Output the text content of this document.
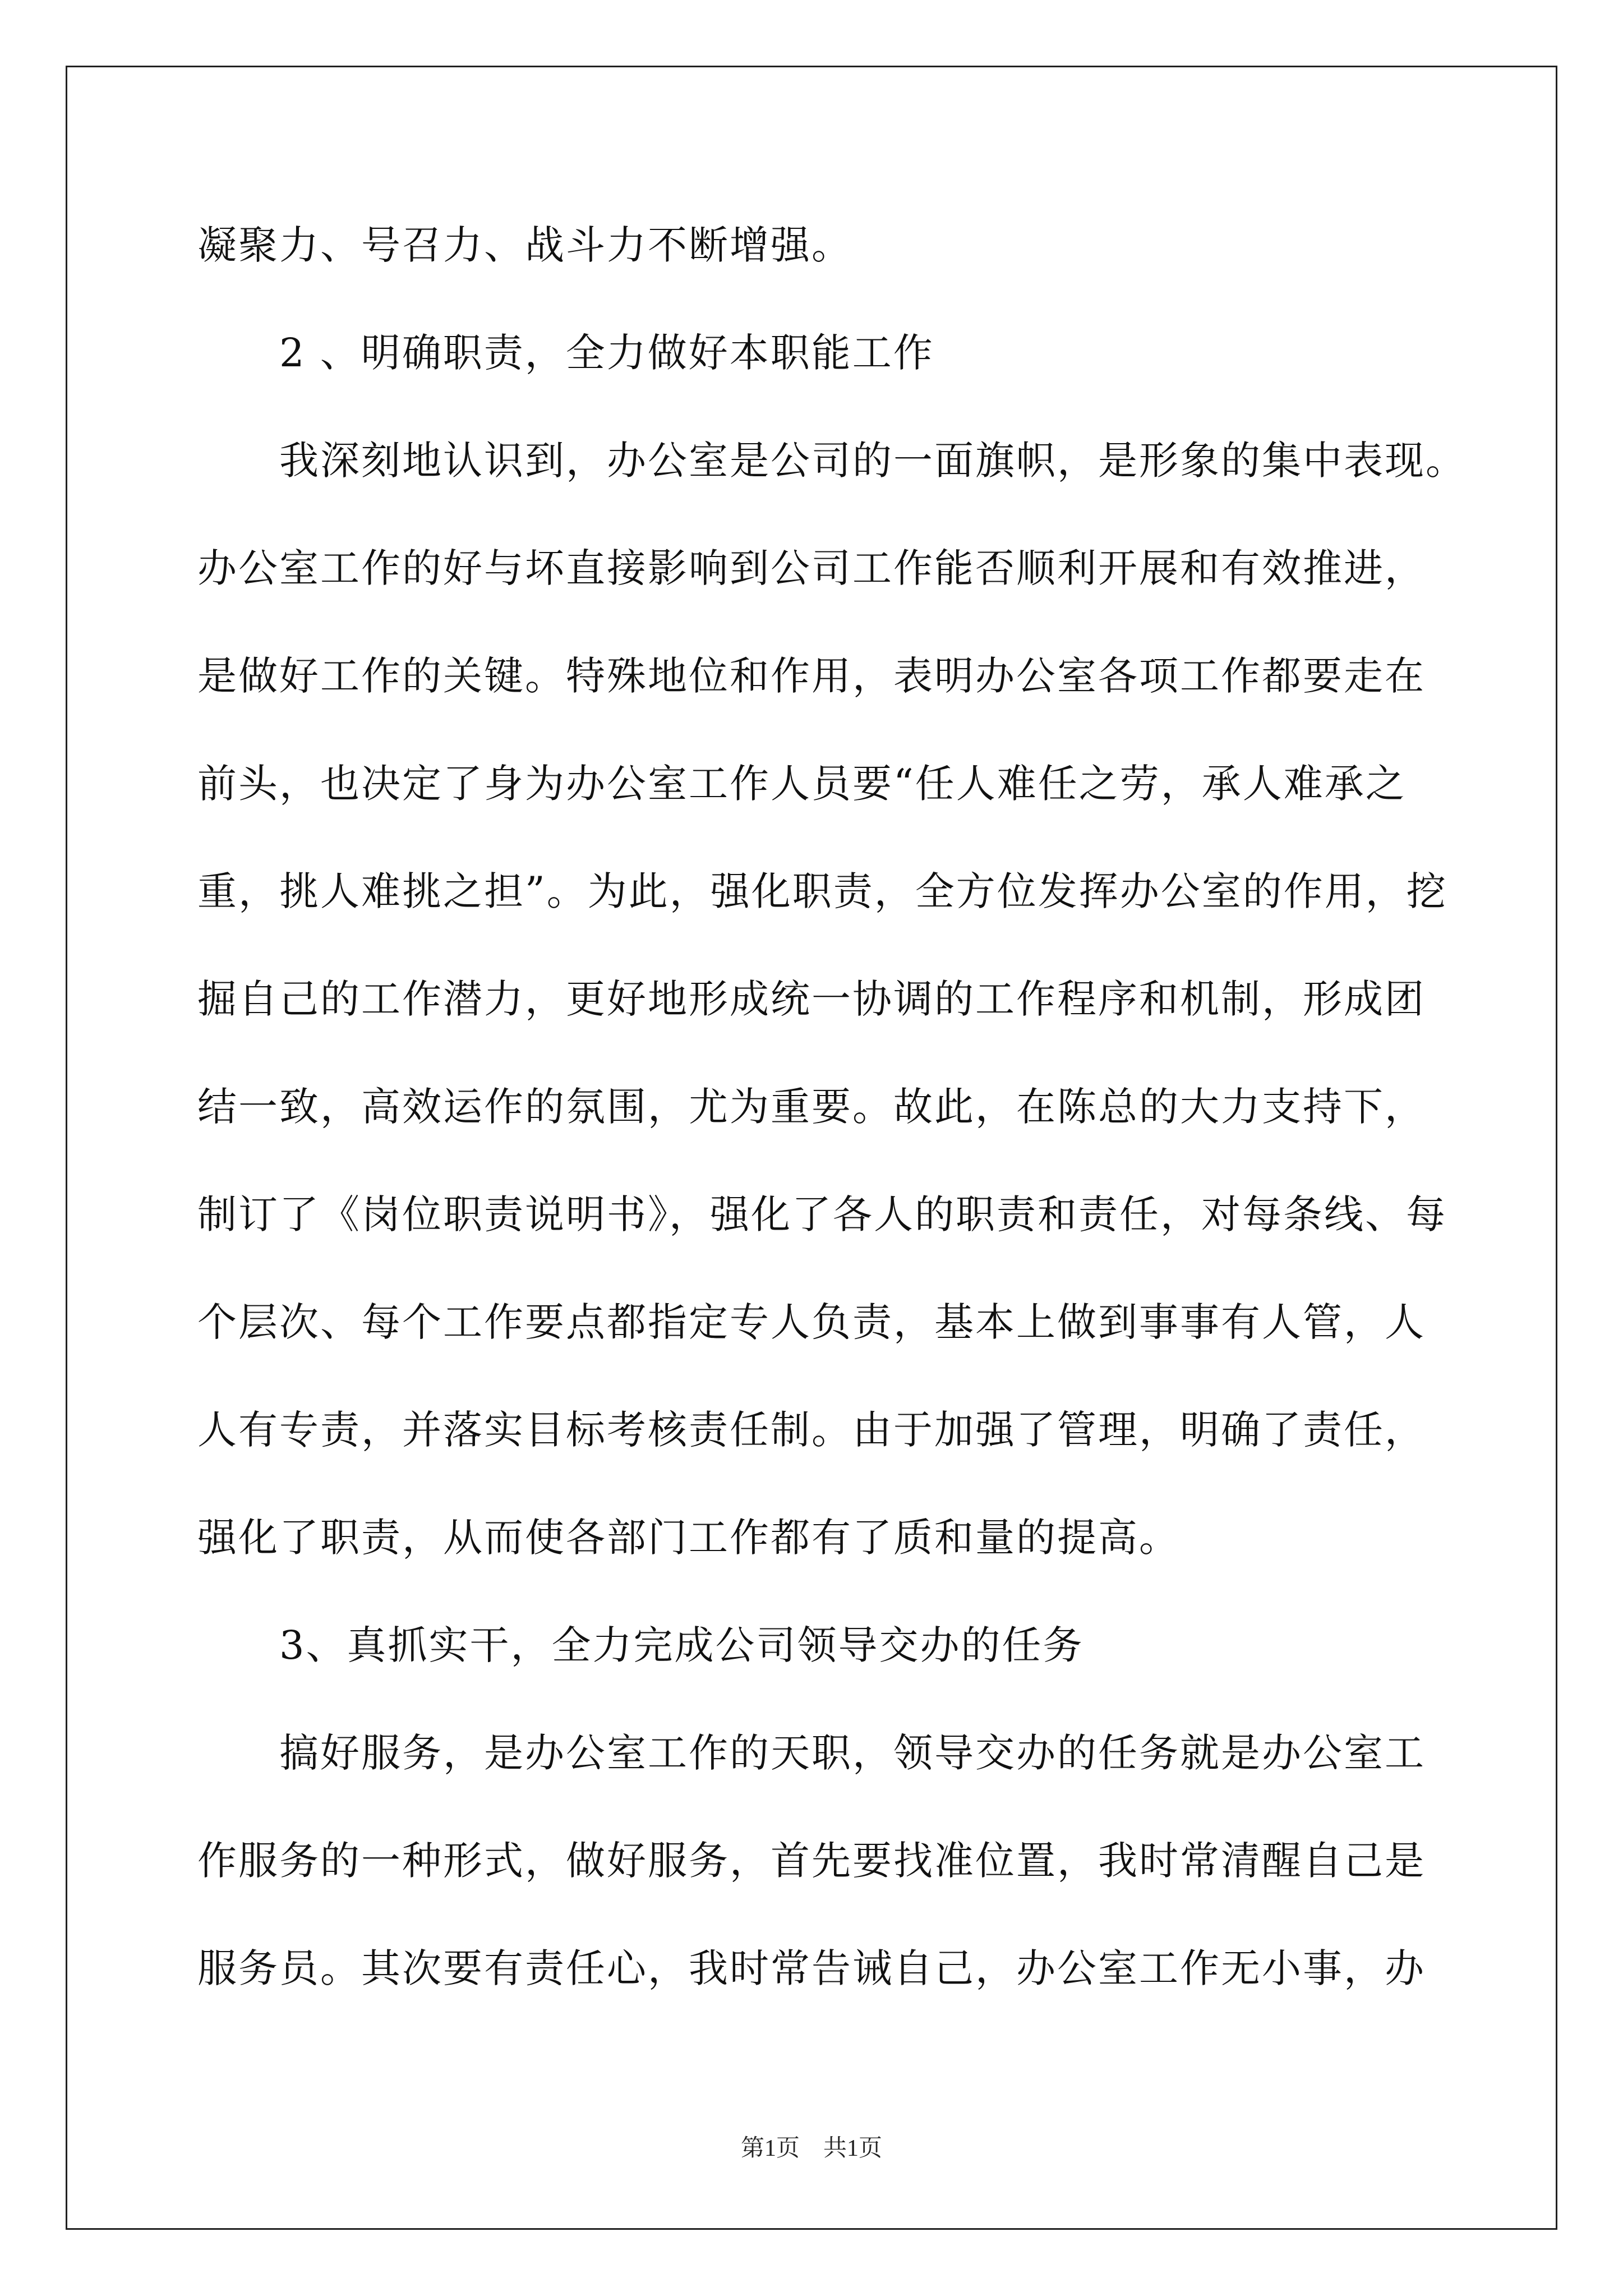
凝聚力、号召力、战斗力不断增强。
2 、明确职责，全力做好本职能工作
我深刻地认识到，办公室是公司的一面旗帜，是形象的集中表现。
办公室工作的好与坏直接影响到公司工作能否顺利开展和有效推进，
是做好工作的关键。特殊地位和作用，表明办公室各项工作都要走在
前头，也决定了身为办公室工作人员要“任人难任之劳，承人难承之
重，挑人难挑之担”。为此，强化职责，全方位发挥办公室的作用，挖
掘自己的工作潜力，更好地形成统一协调的工作程序和机制，形成团
结一致，高效运作的氛围，尤为重要。故此，在陈总的大力支持下，
制订了《岗位职责说明书》，强化了各人的职责和责任，对每条线、每
个层次、每个工作要点都指定专人负责，基本上做到事事有人管，人
人有专责，并落实目标考核责任制。由于加强了管理，明确了责任，
强化了职责，从而使各部门工作都有了质和量的提高。
3、真抓实干，全力完成公司领导交办的任务
搞好服务，是办公室工作的天职，领导交办的任务就是办公室工
作服务的一种形式，做好服务，首先要找准位置，我时常清醒自己是
服务员。其次要有责任心，我时常告诫自己，办公室工作无小事，办
第1页　共1页
